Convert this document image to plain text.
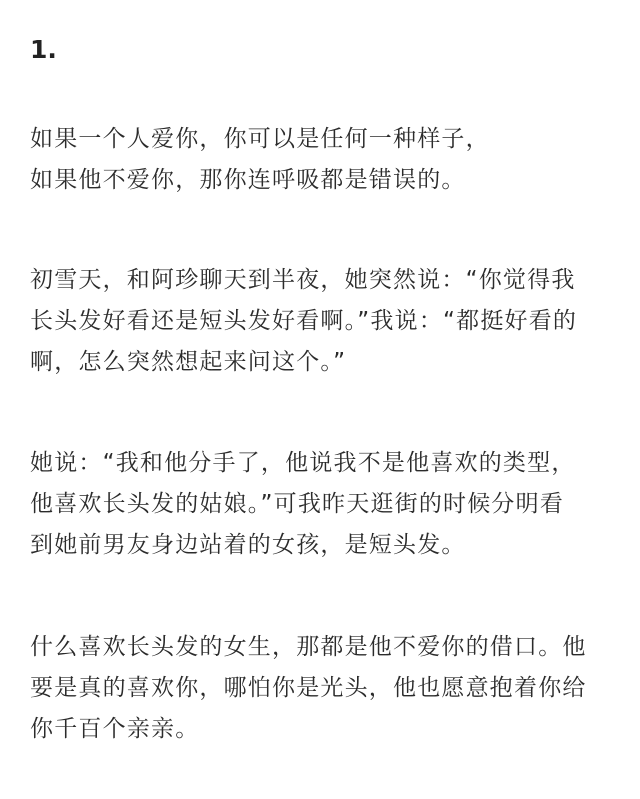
1.
如果一个人爱你，你可以是任何一种样子，
如果他不爱你，那你连呼吸都是错误的。
初雪天，和阿珍聊天到半夜，她突然说：“你觉得我
长头发好看还是短头发好看啊。”我说：“都挺好看的
啊，怎么突然想起来问这个。”
她说：“我和他分手了，他说我不是他喜欢的类型，
他喜欢长头发的姑娘。”可我昨天逛街的时候分明看
到她前男友身边站着的女孩，是短头发。
什么喜欢长头发的女生，那都是他不爱你的借口。他
要是真的喜欢你，哪怕你是光头，他也愿意抱着你给
你千百个亲亲。
